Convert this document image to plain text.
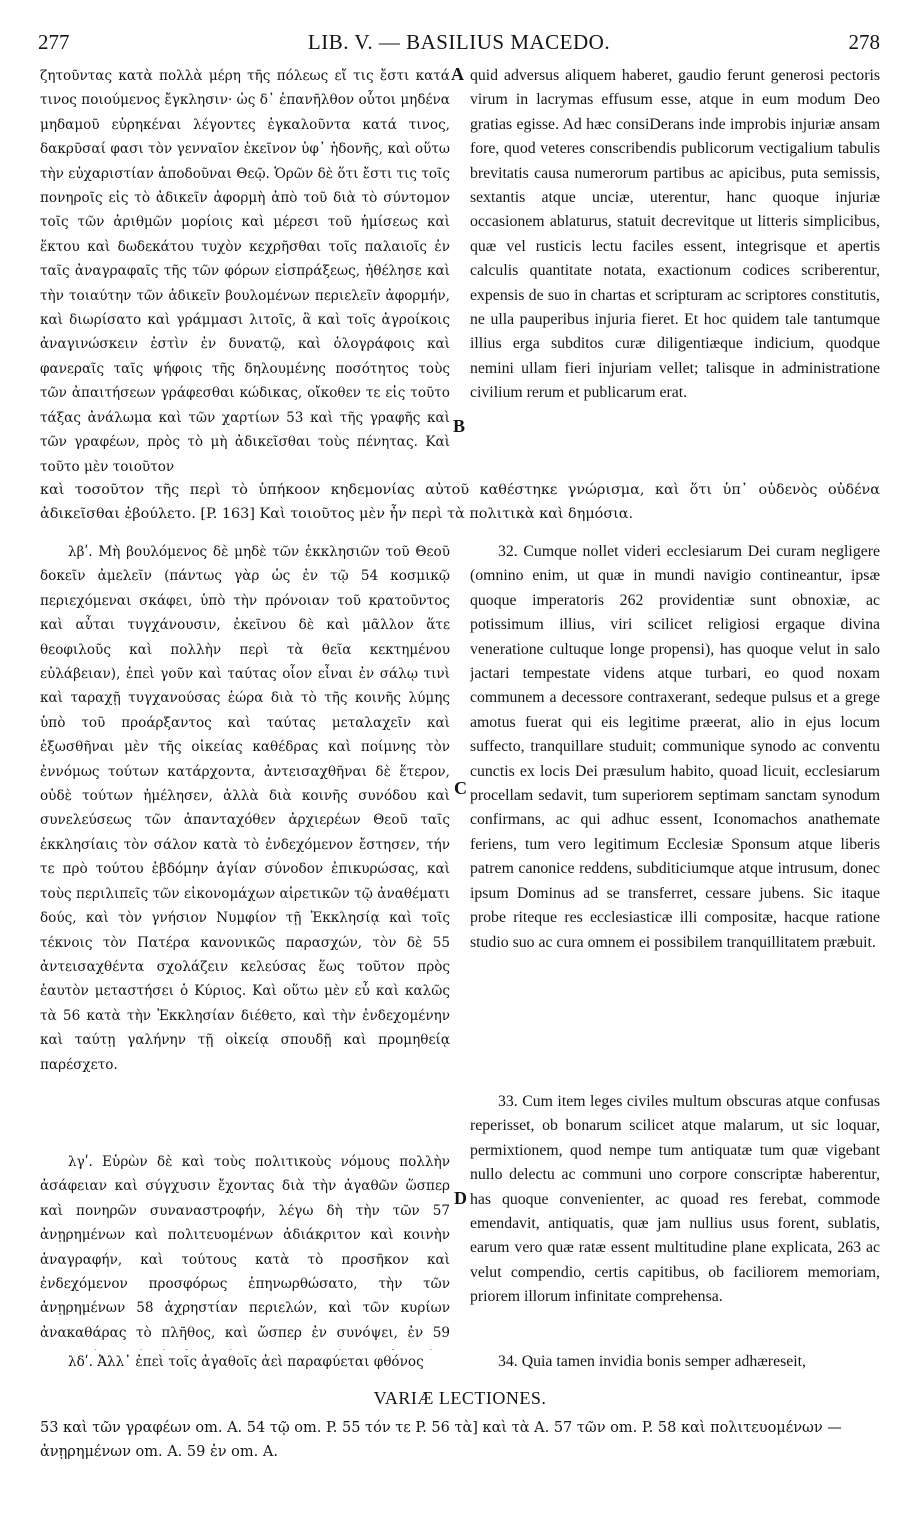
277	LIB. V. — BASILIUS MACEDO.	278

ζητοῦντας κατὰ πολλὰ μέρη τῆς πόλεως εἴ τις ἔστι κατά τινος ποιούμενος ἔγκλησιν· ὡς δ᾽ ἐπανῆλθον οὗτοι μηδένα μηδαμοῦ εὑρηκέναι λέγοντες ἐγκαλοῦντα κατά τινος, δακρῦσαί φασι τὸν γενναῖον ἐκεῖνον ὑφ᾽ ἡδονῆς, καὶ οὕτω τὴν εὐχαριστίαν ἀποδοῦναι Θεῷ. Ὁρῶν δὲ ὅτι ἔστι τις τοῖς πονηροῖς εἰς τὸ ἀδικεῖν ἀφορμὴ ἀπὸ τοῦ διὰ τὸ σύντομον τοῖς τῶν ἀριθμῶν μορίοις καὶ μέρεσι τοῦ ἡμίσεως καὶ ἕκτου καὶ δωδεκάτου τυχὸν κεχρῆσθαι τοῖς παλαιοῖς ἐν ταῖς ἀναγραφαῖς τῆς τῶν φόρων εἰσπράξεως, ἠθέλησε καὶ τὴν τοιαύτην τῶν ἀδικεῖν βουλομένων περιελεῖν ἀφορμήν, καὶ διωρίσατο καὶ γράμμασι λιτοῖς, ἃ καὶ τοῖς ἀγροίκοις ἀναγινώσκειν ἐστὶν ἐν δυνατῷ, καὶ ὁλογράφοις καὶ φανεραῖς ταῖς ψήφοις τῆς δηλουμένης ποσότητος τοὺς τῶν ἀπαιτήσεων γράφεσθαι κώδικας, οἴκοθεν τε εἰς τοῦτο τάξας ἀνάλωμα καὶ τῶν χαρτίων 53 καὶ τῆς γραφῆς καὶ τῶν γραφέων, πρὸς τὸ μὴ ἀδικεῖσθαι τοὺς πένητας. Καὶ τοῦτο μὲν τοιοῦτον

A quid adversus aliquem haberet, gaudio ferunt generosi pectoris virum in lacrymas effusum esse, atque in eum modum Deo gratias egisse. Ad hæc consiDerans inde improbis injuriæ ansam fore, quod veteres conscribendis publicorum vectigalium tabulis brevitatis causa numerorum partibus ac apicibus, puta semissis, sextantis atque unciæ, uterentur, hanc quoque injuriæ occasionem ablaturus, statuit decrevitque ut litteris simplicibus, quæ vel rusticis lectu faciles essent, integrisque et apertis calculis quantitate notata, exactionum codices scriberentur, expensis de suo in chartas et scripturam ac scriptores constitutis, ne ulla pauperibus injuria fieret. Et hoc quidem tale tantumque illius erga subditos curæ diligentiæque indicium, quodque nemini ullam fieri injuriam vellet; talisque in administratione civilium rerum et publicarum erat.

B

καὶ τοσοῦτον τῆς περὶ τὸ ὑπήκοον κηδεμονίας αὐτοῦ καθέστηκε γνώρισμα, καὶ ὅτι ὑπ᾽ οὐδενὸς οὐδένα ἀδικεῖσθαι ἐβούλετο. [P. 163] Καὶ τοιοῦτος μὲν ἦν περὶ τὰ πολιτικὰ καὶ δημόσια.

λβʹ. Μὴ βουλόμενος δὲ μηδὲ τῶν ἐκκλησιῶν τοῦ Θεοῦ δοκεῖν ἀμελεῖν (πάντως γὰρ ὡς ἐν τῷ 54 κοσμικῷ περιεχόμεναι σκάφει, ὑπὸ τὴν πρόνοιαν τοῦ κρατοῦντος καὶ αὗται τυγχάνουσιν, ἐκεῖνου δὲ καὶ μᾶλλον ἅτε θεοφιλοῦς καὶ πολλὴν περὶ τὰ θεῖα κεκτημένου εὐλάβειαν), ἐπεὶ γοῦν καὶ ταύτας οἷον εἶναι ἐν σάλῳ τινὶ καὶ ταραχῇ τυγχανούσας ἑώρα διὰ τὸ τῆς κοινῆς λύμης ὑπὸ τοῦ προάρξαντος καὶ ταύτας μεταλαχεῖν καὶ ἐξωσθῆναι μὲν τῆς οἰκείας καθέδρας καὶ ποίμνης τὸν ἐννόμως τούτων κατάρχοντα, ἀντεισαχθῆναι δὲ ἕτερον, οὐδὲ τούτων ἠμέλησεν, ἀλλὰ διὰ κοινῆς συνόδου καὶ συνελεύσεως τῶν ἁπανταχόθεν ἀρχιερέων Θεοῦ ταῖς ἐκκλησίαις τὸν σάλον κατὰ τὸ ἐνδεχόμενον ἔστησεν, τήν τε πρὸ τούτου ἑβδόμην ἁγίαν σύνοδον ἐπικυρώσας, καὶ τοὺς περιλιπεῖς τῶν εἰκονομάχων αἱρετικῶν τῷ ἀναθέματι δούς, καὶ τὸν γνήσιον Νυμφίον τῇ Ἐκκλησίᾳ καὶ τοῖς τέκνοις τὸν Πατέρα κανονικῶς παρασχών, τὸν δὲ 55 ἀντεισαχθέντα σχολάζειν κελεύσας ἕως τοῦτον πρὸς ἑαυτὸν μεταστήσει ὁ Κύριος. Καὶ οὕτω μὲν εὖ καὶ καλῶς τὰ 56 κατὰ τὴν Ἐκκλησίαν διέθετο, καὶ τὴν ἐνδεχομένην καὶ ταύτῃ γαλήνην τῇ οἰκείᾳ σπουδῇ καὶ προμηθείᾳ παρέσχετο.

C

32. Cumque nollet videri ecclesiarum Dei curam negligere (omnino enim, ut quæ in mundi navigio contineantur, ipsæ quoque imperatoris 262 providentiæ sunt obnoxiæ, ac potissimum illius, viri scilicet religiosi ergaque divina veneratione cultuque longe propensi), has quoque velut in salo jactari tempestate videns atque turbari, eo quod noxam communem a decessore contraxerant, sedeque pulsus et a grege amotus fuerat qui eis legitime præerat, alio in ejus locum suffecto, tranquillare studuit; communique synodo ac conventu cunctis ex locis Dei præsulum habito, quoad licuit, ecclesiarum procellam sedavit, tum superiorem septimam sanctam synodum confirmans, ac qui adhuc essent, Iconomachos anathemate feriens, tum vero legitimum Ecclesiæ Sponsum atque liberis patrem canonice reddens, subditiciumque atque intrusum, donec ipsum Dominus ad se transferret, cessare jubens. Sic itaque probe riteque res ecclesiasticæ illi compositæ, hacque ratione studio suo ac cura omnem ei possibilem tranquillitatem præbuit.

λγʹ. Εὑρὼν δὲ καὶ τοὺς πολιτικοὺς νόμους πολλὴν ἀσάφειαν καὶ σύγχυσιν ἔχοντας διὰ τὴν ἀγαθῶν ὥσπερ καὶ πονηρῶν συναναστροφήν, λέγω δὴ τὴν τῶν 57 ἀνῃρημένων καὶ πολιτευομένων ἀδιάκριτον καὶ κοινὴν ἀναγραφήν, καὶ τούτους κατὰ τὸ προσῆκον καὶ ἐνδεχόμενον προσφόρως ἐπηνωρθώσατο, τὴν τῶν ἀνῃρημένων 58 ἀχρηστίαν περιελών, καὶ τῶν κυρίων ἀνακαθάρας τὸ πλῆθος, καὶ ὥσπερ ἐν συνόψει, ἐν 59

D

33. Cum item leges civiles multum obscuras atque confusas reperisset, ob bonarum scilicet atque malarum, ut sic loquar, permixtionem, quod nempe tum antiquatæ tum quæ vigebant nullo delectu ac communi uno corpore conscriptæ haberentur, has quoque convenienter, ac quoad res ferebat, commode emendavit, antiquatis, quæ jam nullius usus forent, sublatis, earum vero quæ ratæ essent multitudine plane explicata, 263 ac velut compendio, certis capitibus, ob faciliorem memoriam, priorem illorum infinitate comprehensa.

λδʹ. Ἀλλ᾽ ἐπεὶ τοῖς ἀγαθοῖς ἀεὶ παραφύεται φθόνος	34. Quia tamen invidia bonis semper adhæreseit,

VARIÆ LECTIONES.
53 καὶ τῶν γραφέων om. A. 54 τῷ om. P. 55 τόν τε P. 56 τὰ] καὶ τὰ A. 57 τῶν om. P. 58 καὶ πολιτευομένων — ἀνῃρημένων om. A. 59 ἐν om. A.
